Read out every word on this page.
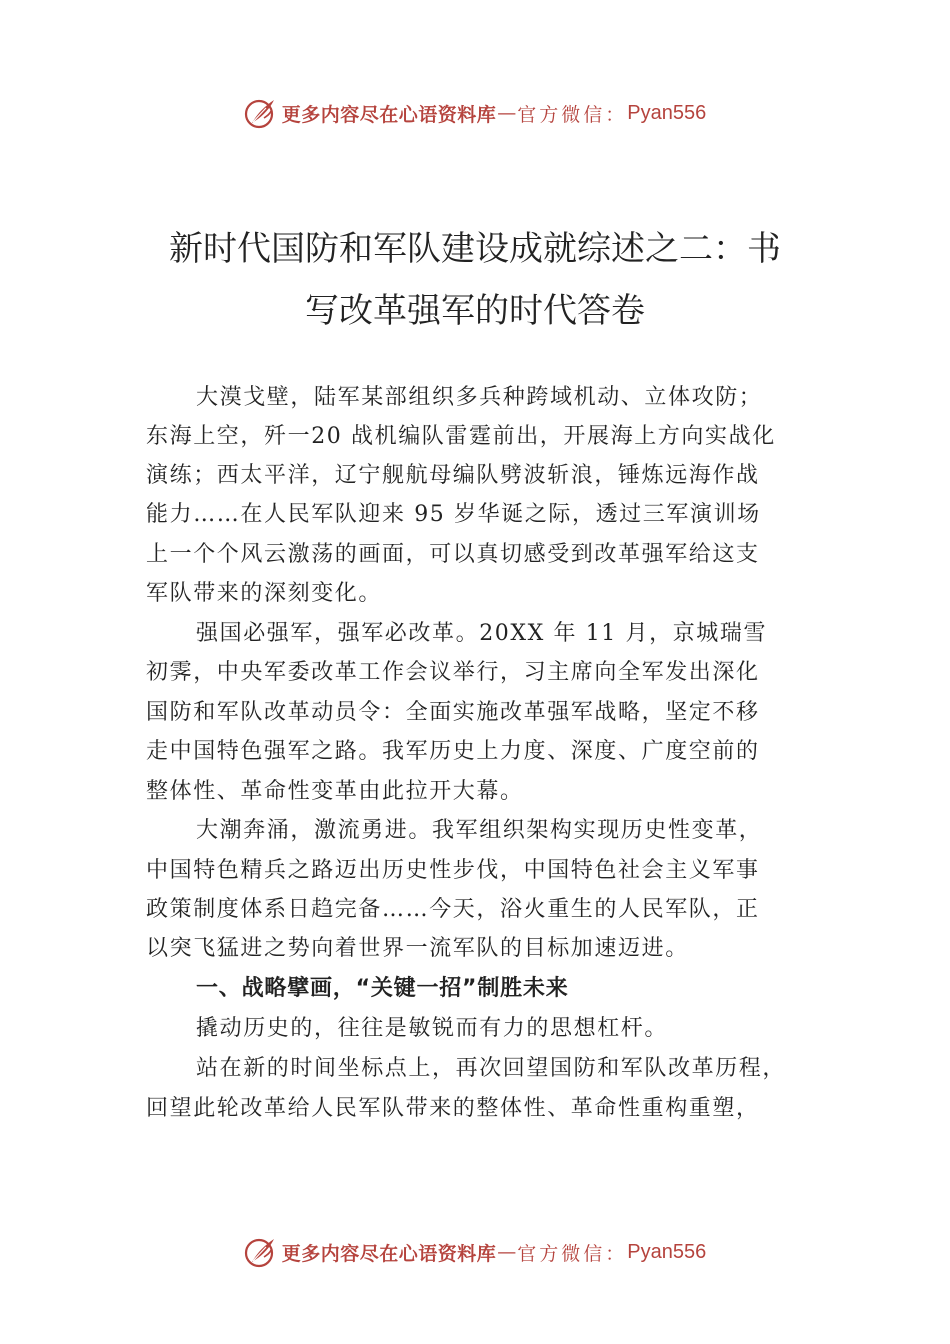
更多内容尽在心语资料库 — 官方微信： Pyan556
新时代国防和军队建设成就综述之二：书
写改革强军的时代答卷
大漠戈壁，陆军某部组织多兵种跨域机动、立体攻防；
东海上空，歼一20 战机编队雷霆前出，开展海上方向实战化
演练；西太平洋，辽宁舰航母编队劈波斩浪，锤炼远海作战
能力……在人民军队迎来 95 岁华诞之际，透过三军演训场
上一个个风云激荡的画面，可以真切感受到改革强军给这支
军队带来的深刻变化。
强国必强军，强军必改革。20XX 年 11 月，京城瑞雪
初霁，中央军委改革工作会议举行，习主席向全军发出深化
国防和军队改革动员令：全面实施改革强军战略，坚定不移
走中国特色强军之路。我军历史上力度、深度、广度空前的
整体性、革命性变革由此拉开大幕。
大潮奔涌，激流勇进。我军组织架构实现历史性变革，
中国特色精兵之路迈出历史性步伐，中国特色社会主义军事
政策制度体系日趋完备……今天，浴火重生的人民军队，正
以突飞猛进之势向着世界一流军队的目标加速迈进。
一、战略擘画，“关键一招”制胜未来
撬动历史的，往往是敏锐而有力的思想杠杆。
站在新的时间坐标点上，再次回望国防和军队改革历程，
回望此轮改革给人民军队带来的整体性、革命性重构重塑，
更多内容尽在心语资料库 — 官方微信： Pyan556
